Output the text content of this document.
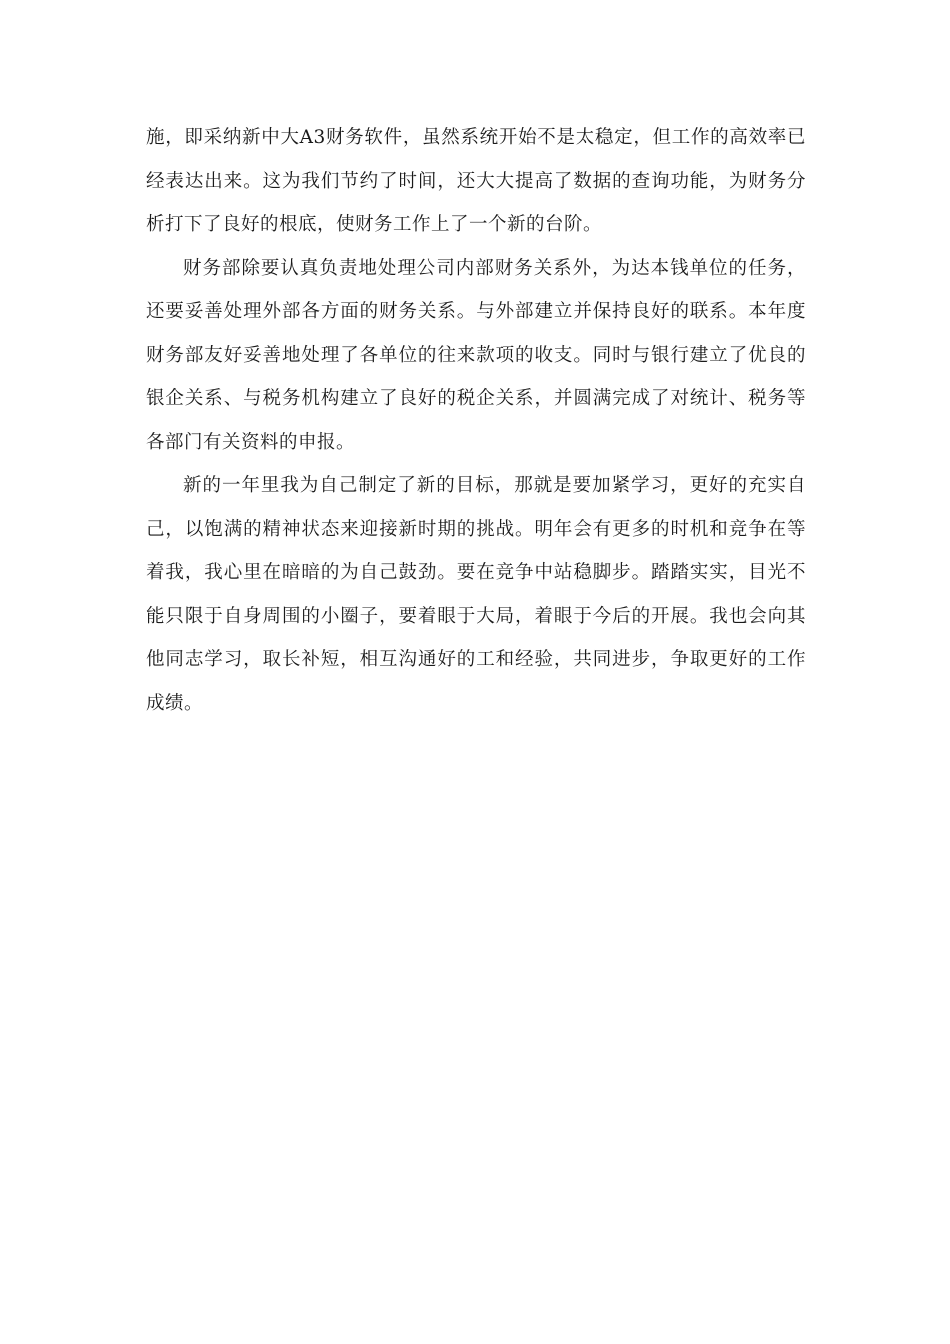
施，即采纳新中大A3财务软件，虽然系统开始不是太稳定，但工作的高效率已经表达出来。这为我们节约了时间，还大大提高了数据的查询功能，为财务分析打下了良好的根底，使财务工作上了一个新的台阶。

财务部除要认真负责地处理公司内部财务关系外，为达本钱单位的任务，还要妥善处理外部各方面的财务关系。与外部建立并保持良好的联系。本年度财务部友好妥善地处理了各单位的往来款项的收支。同时与银行建立了优良的银企关系、与税务机构建立了良好的税企关系，并圆满完成了对统计、税务等各部门有关资料的申报。

新的一年里我为自己制定了新的目标，那就是要加紧学习，更好的充实自己，以饱满的精神状态来迎接新时期的挑战。明年会有更多的时机和竞争在等着我，我心里在暗暗的为自己鼓劲。要在竞争中站稳脚步。踏踏实实，目光不能只限于自身周围的小圈子，要着眼于大局，着眼于今后的开展。我也会向其他同志学习，取长补短，相互沟通好的工和经验，共同进步，争取更好的工作成绩。
